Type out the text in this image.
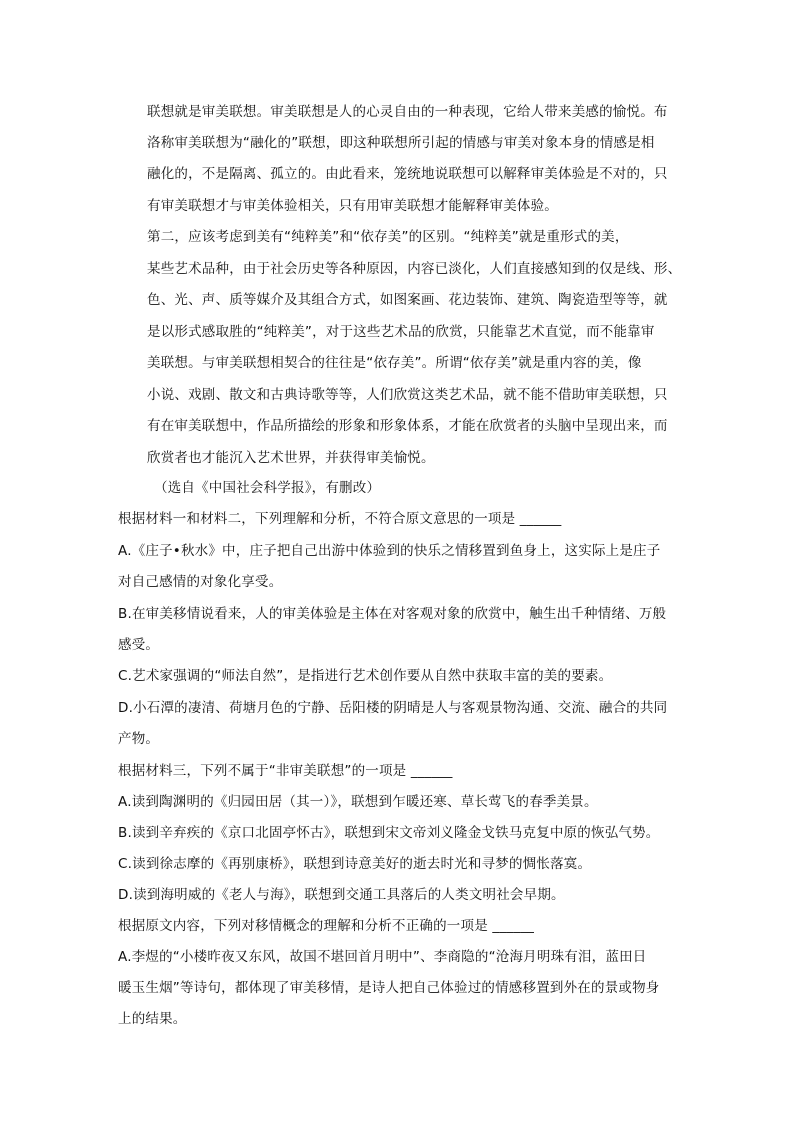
联想就是审美联想。审美联想是人的心灵自由的一种表现，它给人带来美感的愉悦。布
洛称审美联想为“融化的”联想，即这种联想所引起的情感与审美对象本身的情感是相
融化的，不是隔离、孤立的。由此看来，笼统地说联想可以解释审美体验是不对的，只
有审美联想才与审美体验相关，只有用审美联想才能解释审美体验。
第二，应该考虑到美有“纯粹美”和“依存美”的区别。“纯粹美”就是重形式的美，
某些艺术品种，由于社会历史等各种原因，内容已淡化，人们直接感知到的仅是线、形、
色、光、声、质等媒介及其组合方式，如图案画、花边装饰、建筑、陶瓷造型等等，就
是以形式感取胜的“纯粹美”，对于这些艺术品的欣赏，只能靠艺术直觉，而不能靠审
美联想。与审美联想相契合的往往是“依存美”。所谓“依存美”就是重内容的美，像
小说、戏剧、散文和古典诗歌等等，人们欣赏这类艺术品，就不能不借助审美联想，只
有在审美联想中，作品所描绘的形象和形象体系，才能在欣赏者的头脑中呈现出来，而
欣赏者也才能沉入艺术世界，并获得审美愉悦。
（选自《中国社会科学报》，有删改）
根据材料一和材料二，下列理解和分析，不符合原文意思的一项是 ______
A.《庄子•秋水》中，庄子把自己出游中体验到的快乐之情移置到鱼身上，这实际上是庄子
对自己感情的对象化享受。
B.在审美移情说看来，人的审美体验是主体在对客观对象的欣赏中，触生出千种情绪、万般
感受。
C.艺术家强调的“师法自然”，是指进行艺术创作要从自然中获取丰富的美的要素。
D.小石潭的凄清、荷塘月色的宁静、岳阳楼的阴晴是人与客观景物沟通、交流、融合的共同
产物。
根据材料三，下列不属于“非审美联想”的一项是 ______
A.读到陶渊明的《归园田居（其一）》，联想到乍暖还寒、草长莺飞的春季美景。
B.读到辛弃疾的《京口北固亭怀古》，联想到宋文帝刘义隆金戈铁马克复中原的恢弘气势。
C.读到徐志摩的《再别康桥》，联想到诗意美好的逝去时光和寻梦的惆怅落寞。
D.读到海明威的《老人与海》，联想到交通工具落后的人类文明社会早期。
根据原文内容，下列对移情概念的理解和分析不正确的一项是 ______
A.李煜的“小楼昨夜又东风，故国不堪回首月明中”、李商隐的“沧海月明珠有泪，蓝田日
暖玉生烟”等诗句，都体现了审美移情，是诗人把自己体验过的情感移置到外在的景或物身
上的结果。
